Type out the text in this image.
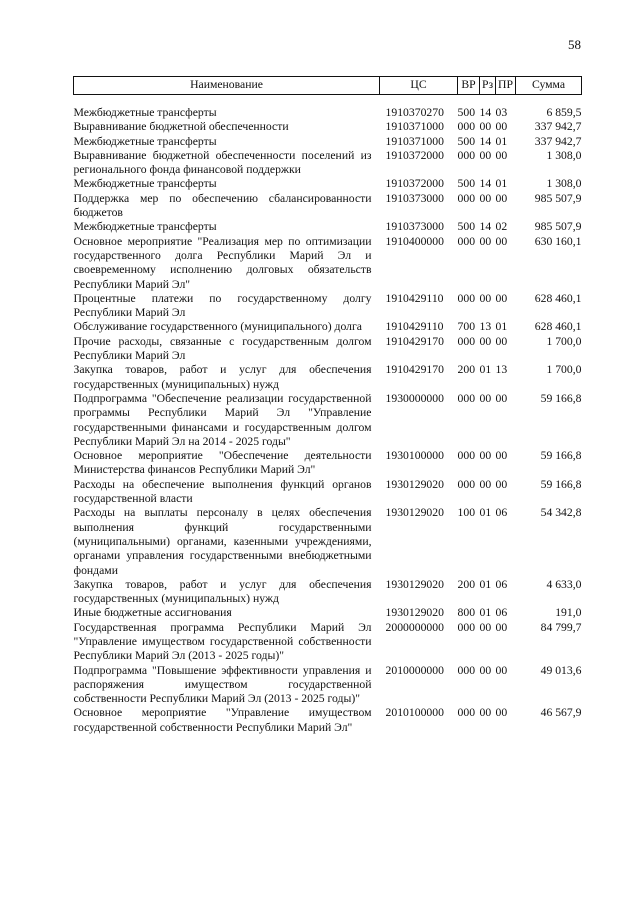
58
Наименование	ЦС	ВР	Рз	ПР	Сумма
Межбюджетные трансферты	1910370270	500	14	03	6 859,5
Выравнивание бюджетной обеспеченности	1910371000	000	00	00	337 942,7
Межбюджетные трансферты	1910371000	500	14	01	337 942,7
Выравнивание бюджетной обеспеченности поселений из регионального фонда финансовой поддержки	1910372000	000	00	00	1 308,0
Межбюджетные трансферты	1910372000	500	14	01	1 308,0
Поддержка мер по обеспечению сбалансированности бюджетов	1910373000	000	00	00	985 507,9
Межбюджетные трансферты	1910373000	500	14	02	985 507,9
Основное мероприятие "Реализация мер по оптимизации государственного долга Республики Марий Эл и своевременному исполнению долговых обязательств Республики Марий Эл"	1910400000	000	00	00	630 160,1
Процентные платежи по государственному долгу Республики Марий Эл	1910429110	000	00	00	628 460,1
Обслуживание государственного (муниципального) долга	1910429110	700	13	01	628 460,1
Прочие расходы, связанные с государственным долгом Республики Марий Эл	1910429170	000	00	00	1 700,0
Закупка товаров, работ и услуг для обеспечения государственных (муниципальных) нужд	1910429170	200	01	13	1 700,0
Подпрограмма "Обеспечение реализации государственной программы Республики Марий Эл "Управление государственными финансами и государственным долгом Республики Марий Эл на 2014 - 2025 годы"	1930000000	000	00	00	59 166,8
Основное мероприятие "Обеспечение деятельности Министерства финансов Республики Марий Эл"	1930100000	000	00	00	59 166,8
Расходы на обеспечение выполнения функций органов государственной власти	1930129020	000	00	00	59 166,8
Расходы на выплаты персоналу в целях обеспечения выполнения функций государственными (муниципальными) органами, казенными учреждениями, органами управления государственными внебюджетными фондами	1930129020	100	01	06	54 342,8
Закупка товаров, работ и услуг для обеспечения государственных (муниципальных) нужд	1930129020	200	01	06	4 633,0
Иные бюджетные ассигнования	1930129020	800	01	06	191,0
Государственная программа Республики Марий Эл "Управление имуществом государственной собственности Республики Марий Эл (2013 - 2025 годы)"	2000000000	000	00	00	84 799,7
Подпрограмма "Повышение эффективности управления и распоряжения имуществом государственной собственности Республики Марий Эл (2013 - 2025 годы)"	2010000000	000	00	00	49 013,6
Основное мероприятие "Управление имуществом государственной собственности Республики Марий Эл"	2010100000	000	00	00	46 567,9
